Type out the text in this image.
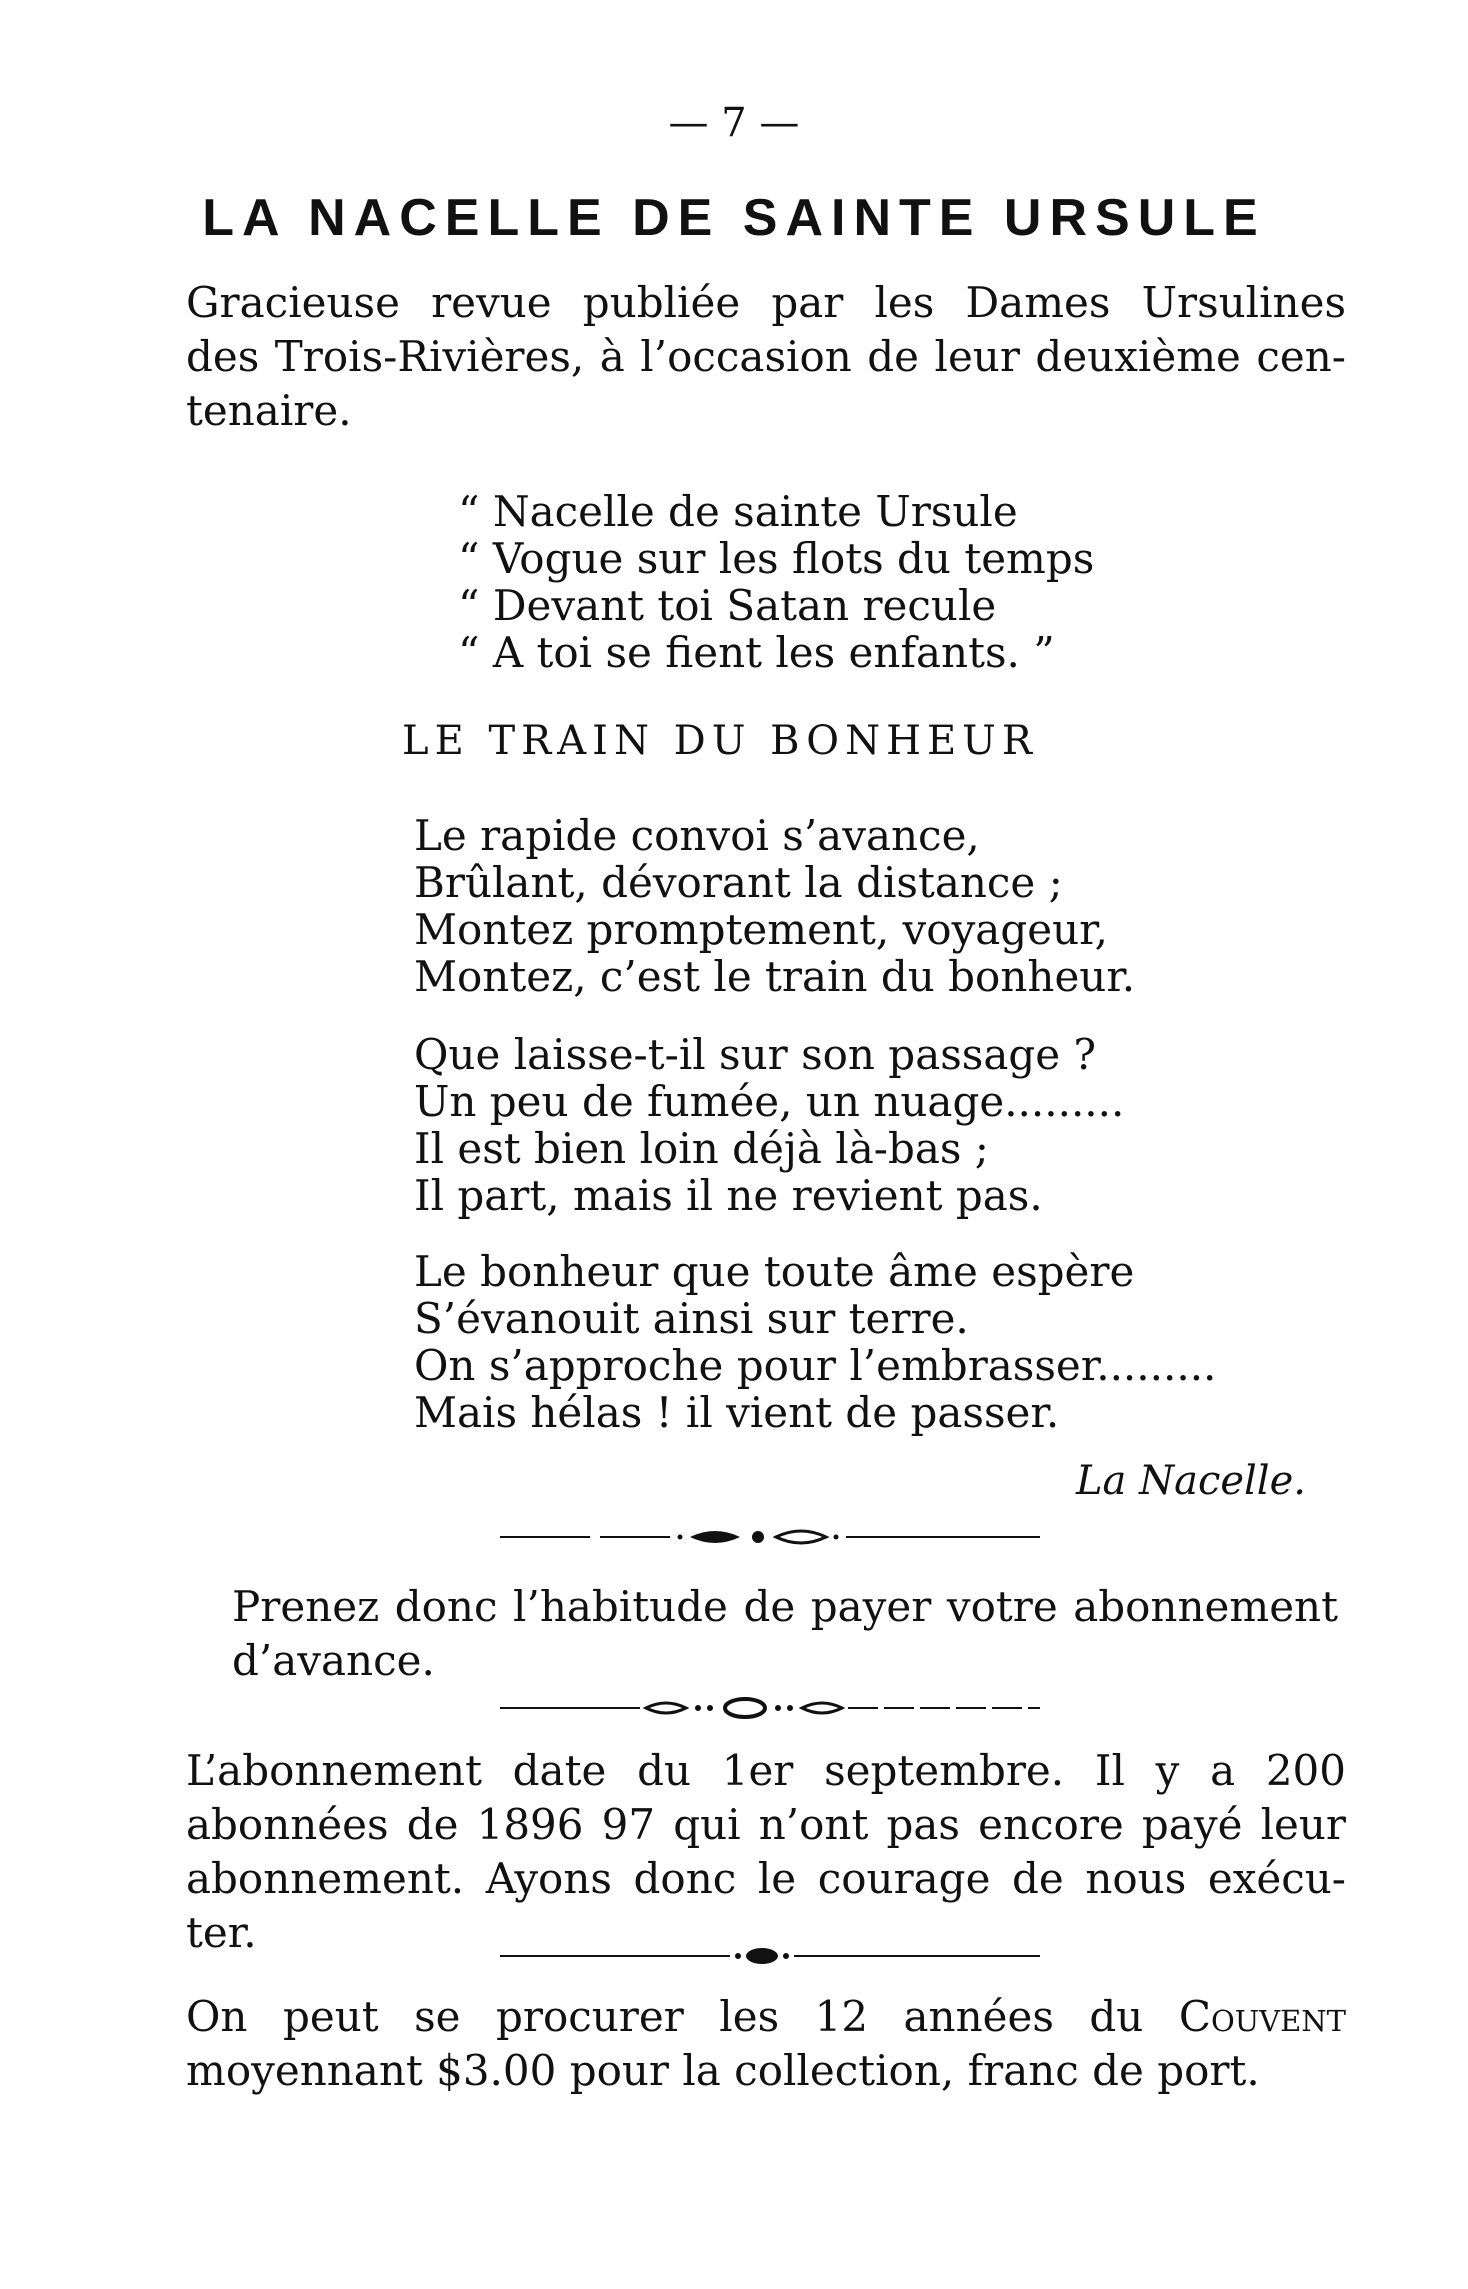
— 7 —
LA NACELLE DE SAINTE URSULE
Gracieuse revue publiée par les Dames Ursulines
des Trois-Rivières, à l’occasion de leur deuxième cen-
tenaire.
“ Nacelle de sainte Ursule
“ Vogue sur les flots du temps
“ Devant toi Satan recule
“ A toi se fient les enfants. ”
LE TRAIN DU BONHEUR
Le rapide convoi s’avance,
Brûlant, dévorant la distance ;
Montez promptement, voyageur,
Montez, c’est le train du bonheur.
Que laisse-t-il sur son passage ?
Un peu de fumée, un nuage.........
Il est bien loin déjà là-bas ;
Il part, mais il ne revient pas.
Le bonheur que toute âme espère
S’évanouit ainsi sur terre.
On s’approche pour l’embrasser.........
Mais hélas ! il vient de passer.
La Nacelle.
Prenez donc l’habitude de payer votre abonnement
d’avance.
L’abonnement date du 1er septembre. Il y a 200
abonnées de 1896 97 qui n’ont pas encore payé leur
abonnement. Ayons donc le courage de nous exécu-
ter.
On peut se procurer les 12 années du Couvent
moyennant $3.00 pour la collection, franc de port.
